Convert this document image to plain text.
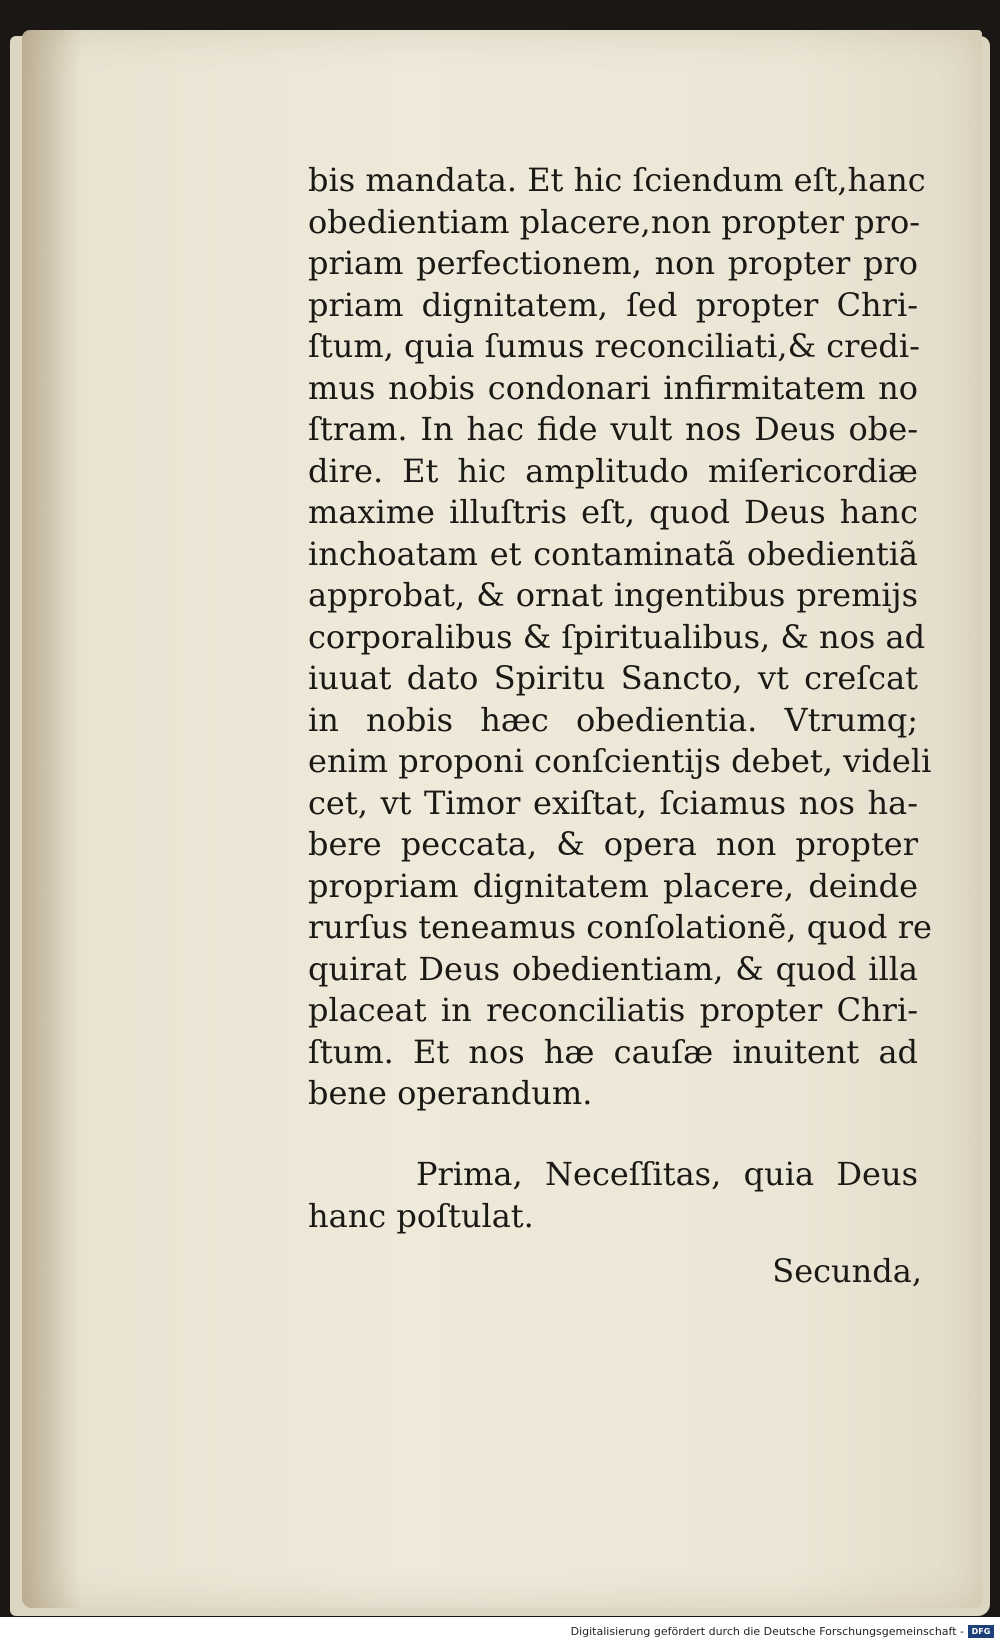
bis mandata. Et hic ſciendum eſt,hanc
obedientiam placere,non propter pro-
priam perfectionem, non propter pro
priam dignitatem, ſed propter Chri-
ſtum, quia ſumus reconciliati,& credi-
mus nobis condonari infirmitatem no
ſtram. In hac fide vult nos Deus obe-
dire. Et hic amplitudo miſericordiæ
maxime illuſtris eſt, quod Deus hanc
inchoatam et contaminatã obedientiã
approbat, & ornat ingentibus premijs
corporalibus & ſpiritualibus, & nos ad
iuuat dato Spiritu Sancto, vt creſcat
in nobis hæc obedientia. Vtrumq;
enim proponi conſcientijs debet, videli
cet, vt Timor exiſtat, ſciamus nos ha-
bere peccata, & opera non propter
propriam dignitatem placere, deinde
rurſus teneamus conſolationẽ, quod re
quirat Deus obedientiam, & quod illa
placeat in reconciliatis propter Chri-
ſtum. Et nos hæ cauſæ inuitent ad
bene operandum.
Prima, Neceſſitas, quia Deus
hanc poſtulat.
Secunda,
Digitalisierung gefördert durch die Deutsche Forschungsgemeinschaft - DFG
